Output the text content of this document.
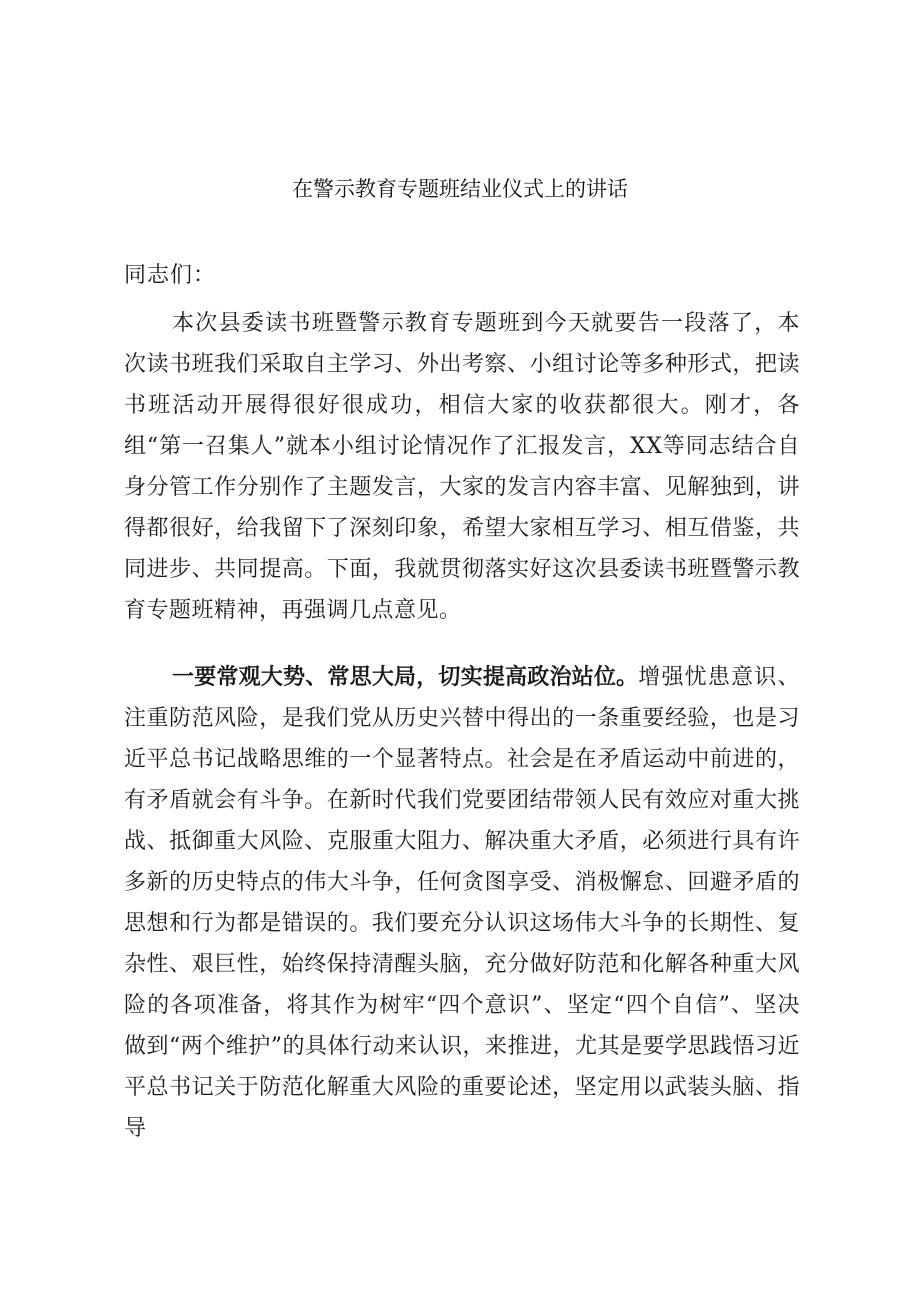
在警示教育专题班结业仪式上的讲话
同志们：
本次县委读书班暨警示教育专题班到今天就要告一段落了，本次读书班我们采取自主学习、外出考察、小组讨论等多种形式，把读书班活动开展得很好很成功，相信大家的收获都很大。刚才，各组“第一召集人”就本小组讨论情况作了汇报发言，XX等同志结合自身分管工作分别作了主题发言，大家的发言内容丰富、见解独到，讲得都很好，给我留下了深刻印象，希望大家相互学习、相互借鉴，共同进步、共同提高。下面，我就贯彻落实好这次县委读书班暨警示教育专题班精神，再强调几点意见。
一要常观大势、常思大局，切实提高政治站位。增强忧患意识、注重防范风险，是我们党从历史兴替中得出的一条重要经验，也是习近平总书记战略思维的一个显著特点。社会是在矛盾运动中前进的，有矛盾就会有斗争。在新时代我们党要团结带领人民有效应对重大挑战、抵御重大风险、克服重大阻力、解决重大矛盾，必须进行具有许多新的历史特点的伟大斗争，任何贪图享受、消极懈怠、回避矛盾的思想和行为都是错误的。我们要充分认识这场伟大斗争的长期性、复杂性、艰巨性，始终保持清醒头脑，充分做好防范和化解各种重大风险的各项准备，将其作为树牢“四个意识”、坚定“四个自信”、坚决做到“两个维护”的具体行动来认识，来推进，尤其是要学思践悟习近平总书记关于防范化解重大风险的重要论述，坚定用以武装头脑、指导
